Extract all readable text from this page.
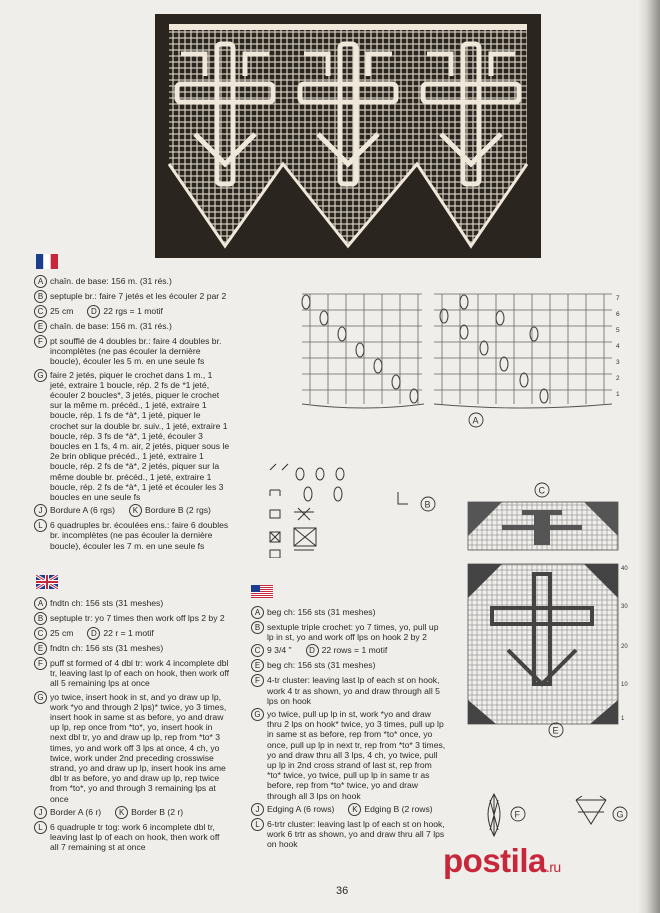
A chaîn. de base: 156 m. (31 rés.)
B septuple br.: faire 7 jetés et les écouler 2 par 2
C 25 cm	D 22 rgs = 1 motif
E chaîn. de base: 156 m. (31 rés.)
F pt soufflé de 4 doubles br.: faire 4 doubles br. incomplètes (ne pas écouler la dernière boucle), écouler les 5 m. en une seule fs
G faire 2 jetés, piquer le crochet dans 1 m., 1 jeté, extraire 1 boucle, rép. 2 fs de *1 jeté, écouler 2 boucles*, 3 jetés, piquer le crochet sur la même m. précéd., 1 jeté, extraire 1 boucle, rép. 1 fs de *à*, 1 jeté, piquer le crochet sur la double br. suiv., 1 jeté, extraire 1 boucle, rép. 3 fs de *à*, 1 jeté, écouler 3 boucles en 1 fs, 4 m. air, 2 jetés, piquer sous le 2e brin oblique précéd., 1 jeté, extraire 1 boucle, rép. 2 fs de *à*, 2 jetés, piquer sur la même double br. précéd., 1 jeté, extraire 1 boucle, rép. 2 fs de *à*, 1 jeté et écouler les 3 boucles en une seule fs
J Bordure A (6 rgs)	K Bordure B (2 rgs)
L 6 quadruples br. écoulées ens.: faire 6 doubles br. incomplètes (ne pas écouler la dernière boucle), écouler les 7 m. en une seule fs
A fndtn ch: 156 sts (31 meshes)
B septuple tr: yo 7 times then work off lps 2 by 2
C 25 cm	D 22 r = 1 motif
E fndtn ch: 156 sts (31 meshes)
F puff st formed of 4 dbl tr: work 4 incomplete dbl tr, leaving last lp of each on hook, then work off all 5 remaining lps at once
G yo twice, insert hook in st, and yo draw up lp, work *yo and through 2 lps)* twice, yo 3 times, insert hook in same st as before, yo and draw up lp, rep once from *to*, yo, insert hook in next dbl tr, yo and draw up lp, rep from *to* 3 times, yo and work off 3 lps at once, 4 ch, yo twice, work under 2nd preceding crosswise strand, yo and draw up lp, insert hook ins ame dbl tr as before, yo and draw up lp, rep twice from *to*, yo and through 3 remaining lps at once
J Border A (6 r)	K Border B (2 r)
L 6 quadruple tr tog: work 6 incomplete dbl tr, leaving last lp of each on hook, then work off all 7 remaining st at once
A beg ch: 156 sts (31 meshes)
B sextuple triple crochet: yo 7 times, yo, pull up lp in st, yo and work off lps on hook 2 by 2
C 9 3/4 "	D 22 rows = 1 motif
E beg ch: 156 sts (31 meshes)
F 4-tr cluster: leaving last lp of each st on hook, work 4 tr as shown, yo and draw through all 5 lps on hook
G yo twice, pull up lp in st, work *yo and draw thru 2 lps on hook* twice, yo 3 times, pull up lp in same st as before, rep from *to* once, yo once, pull up lp in next tr, rep from *to* 3 times, yo and draw thru all 3 lps, 4 ch, yo twice, pull up lp in 2nd cross strand of last st, rep from *to* twice, yo twice, pull up lp in same tr as before, rep from *to* twice, yo and draw through all 3 lps on hook
J Edging A (6 rows)	K Edging B (2 rows)
L 6-trtr cluster: leaving last lp of each st on hook, work 6 trtr as shown, yo and draw thru all 7 lps on hook
7
6
5
4
3
2
1
A
B
C
40
30
20
10
1
E
F	G
postila.ru
36
